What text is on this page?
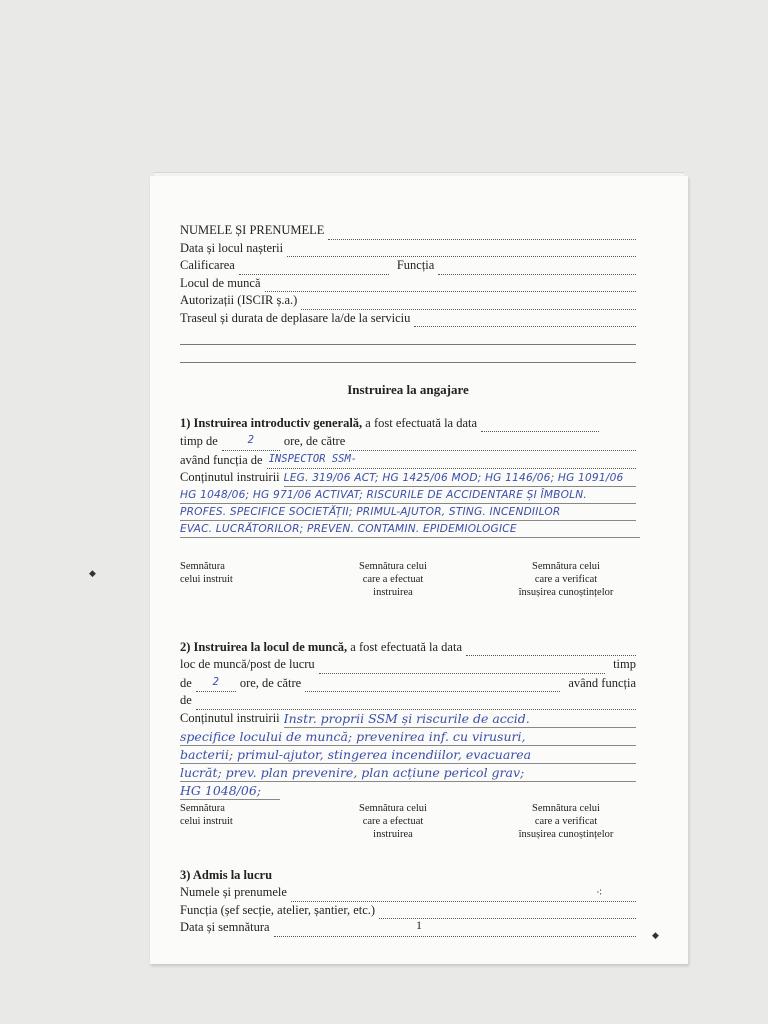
NUMELE ȘI PRENUMELE
Data și locul nașterii
Calificarea	Funcția
Locul de muncă
Autorizații (ISCIR ș.a.)
Traseul și durata de deplasare la/de la serviciu
Instruirea la angajare
1) Instruirea introductiv generală, a fost efectuată la data
timp de	2	ore, de către
având funcția de INSPECTOR SSM-
Conținutul instruirii LEG. 319/06 ACT; HG 1425/06 MOD; HG 1146/06; HG 1091/06
HG 1048/06; HG 971/06 ACTIVAT; RISCURILE DE ACCIDENTARE ȘI ÎMBOLN.
PROFES. SPECIFICE SOCIETĂȚII; PRIMUL-AJUTOR, STING. INCENDIILOR
EVAC. LUCRĂTORILOR; PREVEN. CONTAMIN. EPIDEMIOLOGICE
Semnătura
celui instruit
Semnătura celui
care a efectuat
instruirea
Semnătura celui
care a verificat
însușirea cunoștințelor
2) Instruirea la locul de muncă, a fost efectuată la data
loc de muncă/post de lucru	timp
de	2	ore, de către	având funcția
de
Conținutul instruirii Instr. proprii SSM și riscurile de accid.
specifice locului de muncă; prevenirea inf. cu virusuri,
bacterii; primul-ajutor, stingerea incendiilor, evacuarea
lucrăt; prev. plan prevenire, plan acțiune pericol grav;
HG 1048/06;
Semnătura
celui instruit
Semnătura celui
care a efectuat
instruirea
Semnătura celui
care a verificat
însușirea cunoștințelor
3) Admis la lucru
Numele și prenumele
Funcția (șef secție, atelier, șantier, etc.)
Data și semnătura	1
⁖
◆
◆
